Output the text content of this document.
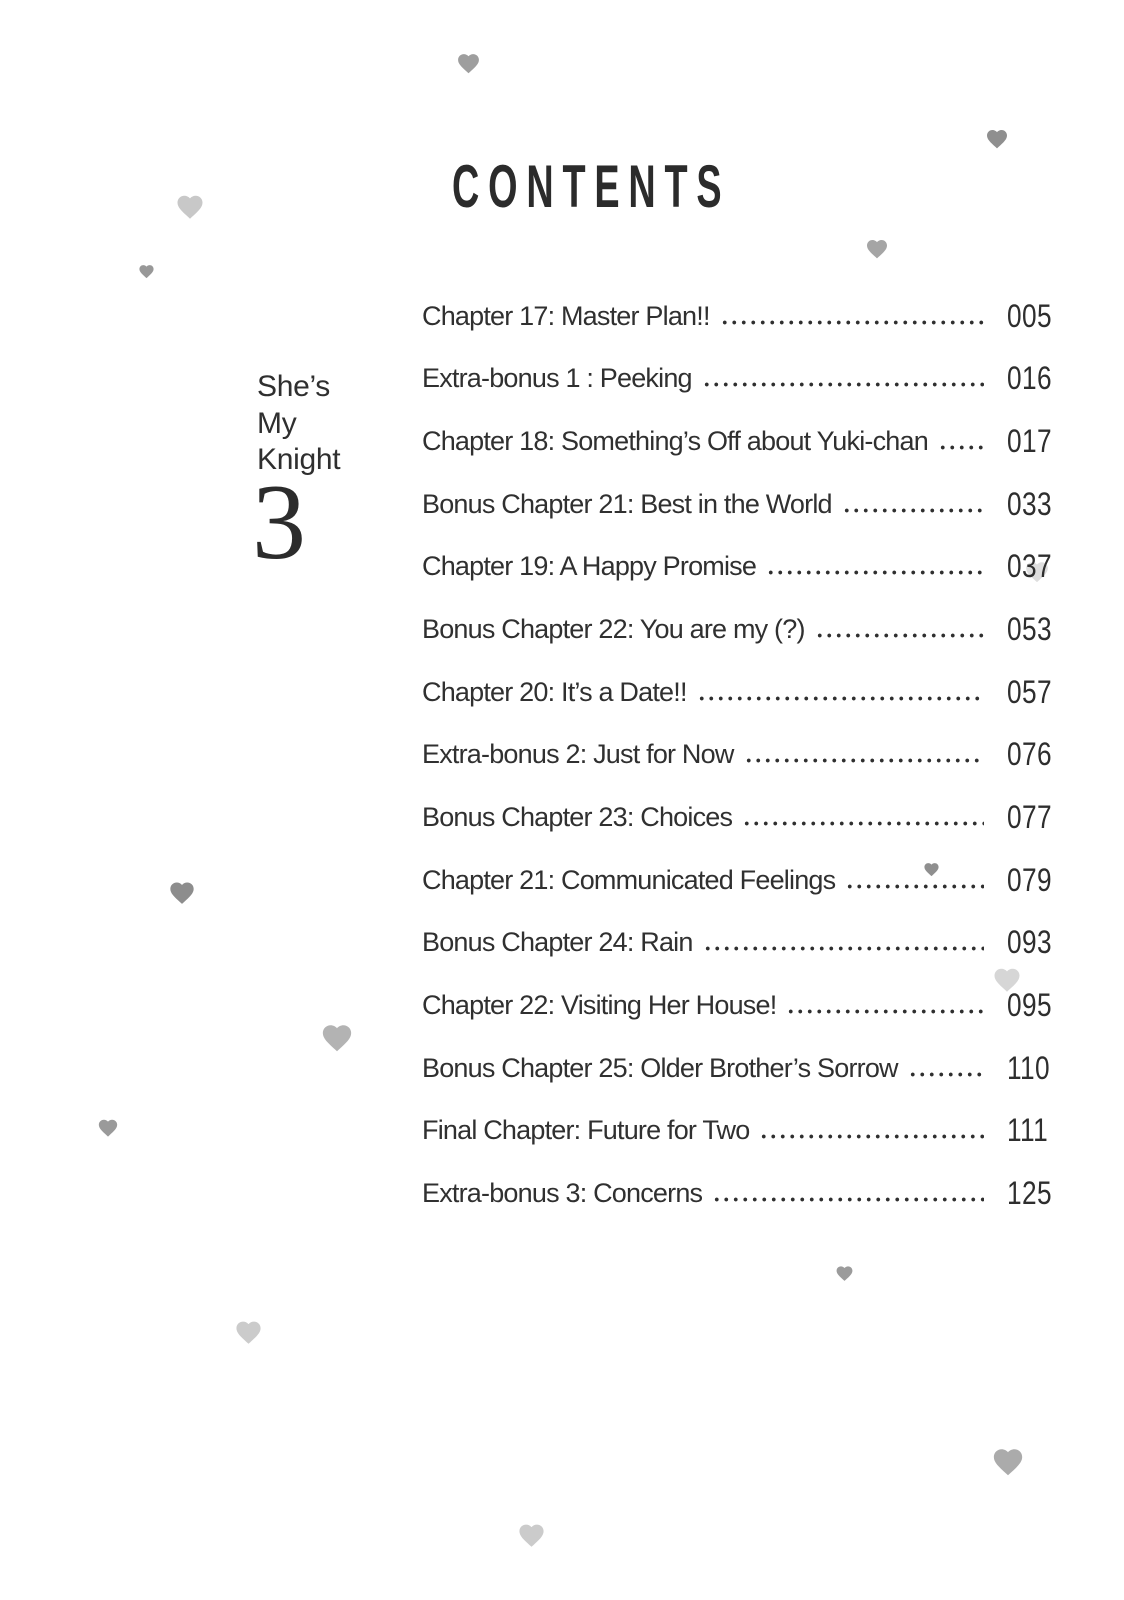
CONTENTS
She’s
My
Knight
3
Chapter 17: Master Plan!!	005
Extra-bonus 1 : Peeking	016
Chapter 18: Something’s Off about Yuki-chan 017
Bonus Chapter 21: Best in the World	033
Chapter 19: A Happy Promise	037
Bonus Chapter 22: You are my (?)	053
Chapter 20: It’s a Date!!	057
Extra-bonus 2: Just for Now	076
Bonus Chapter 23: Choices	077
Chapter 21: Communicated Feelings	079
Bonus Chapter 24: Rain	093
Chapter 22: Visiting Her House!	095
Bonus Chapter 25: Older Brother’s Sorrow	110
Final Chapter: Future for Two	111
Extra-bonus 3: Concerns	125
